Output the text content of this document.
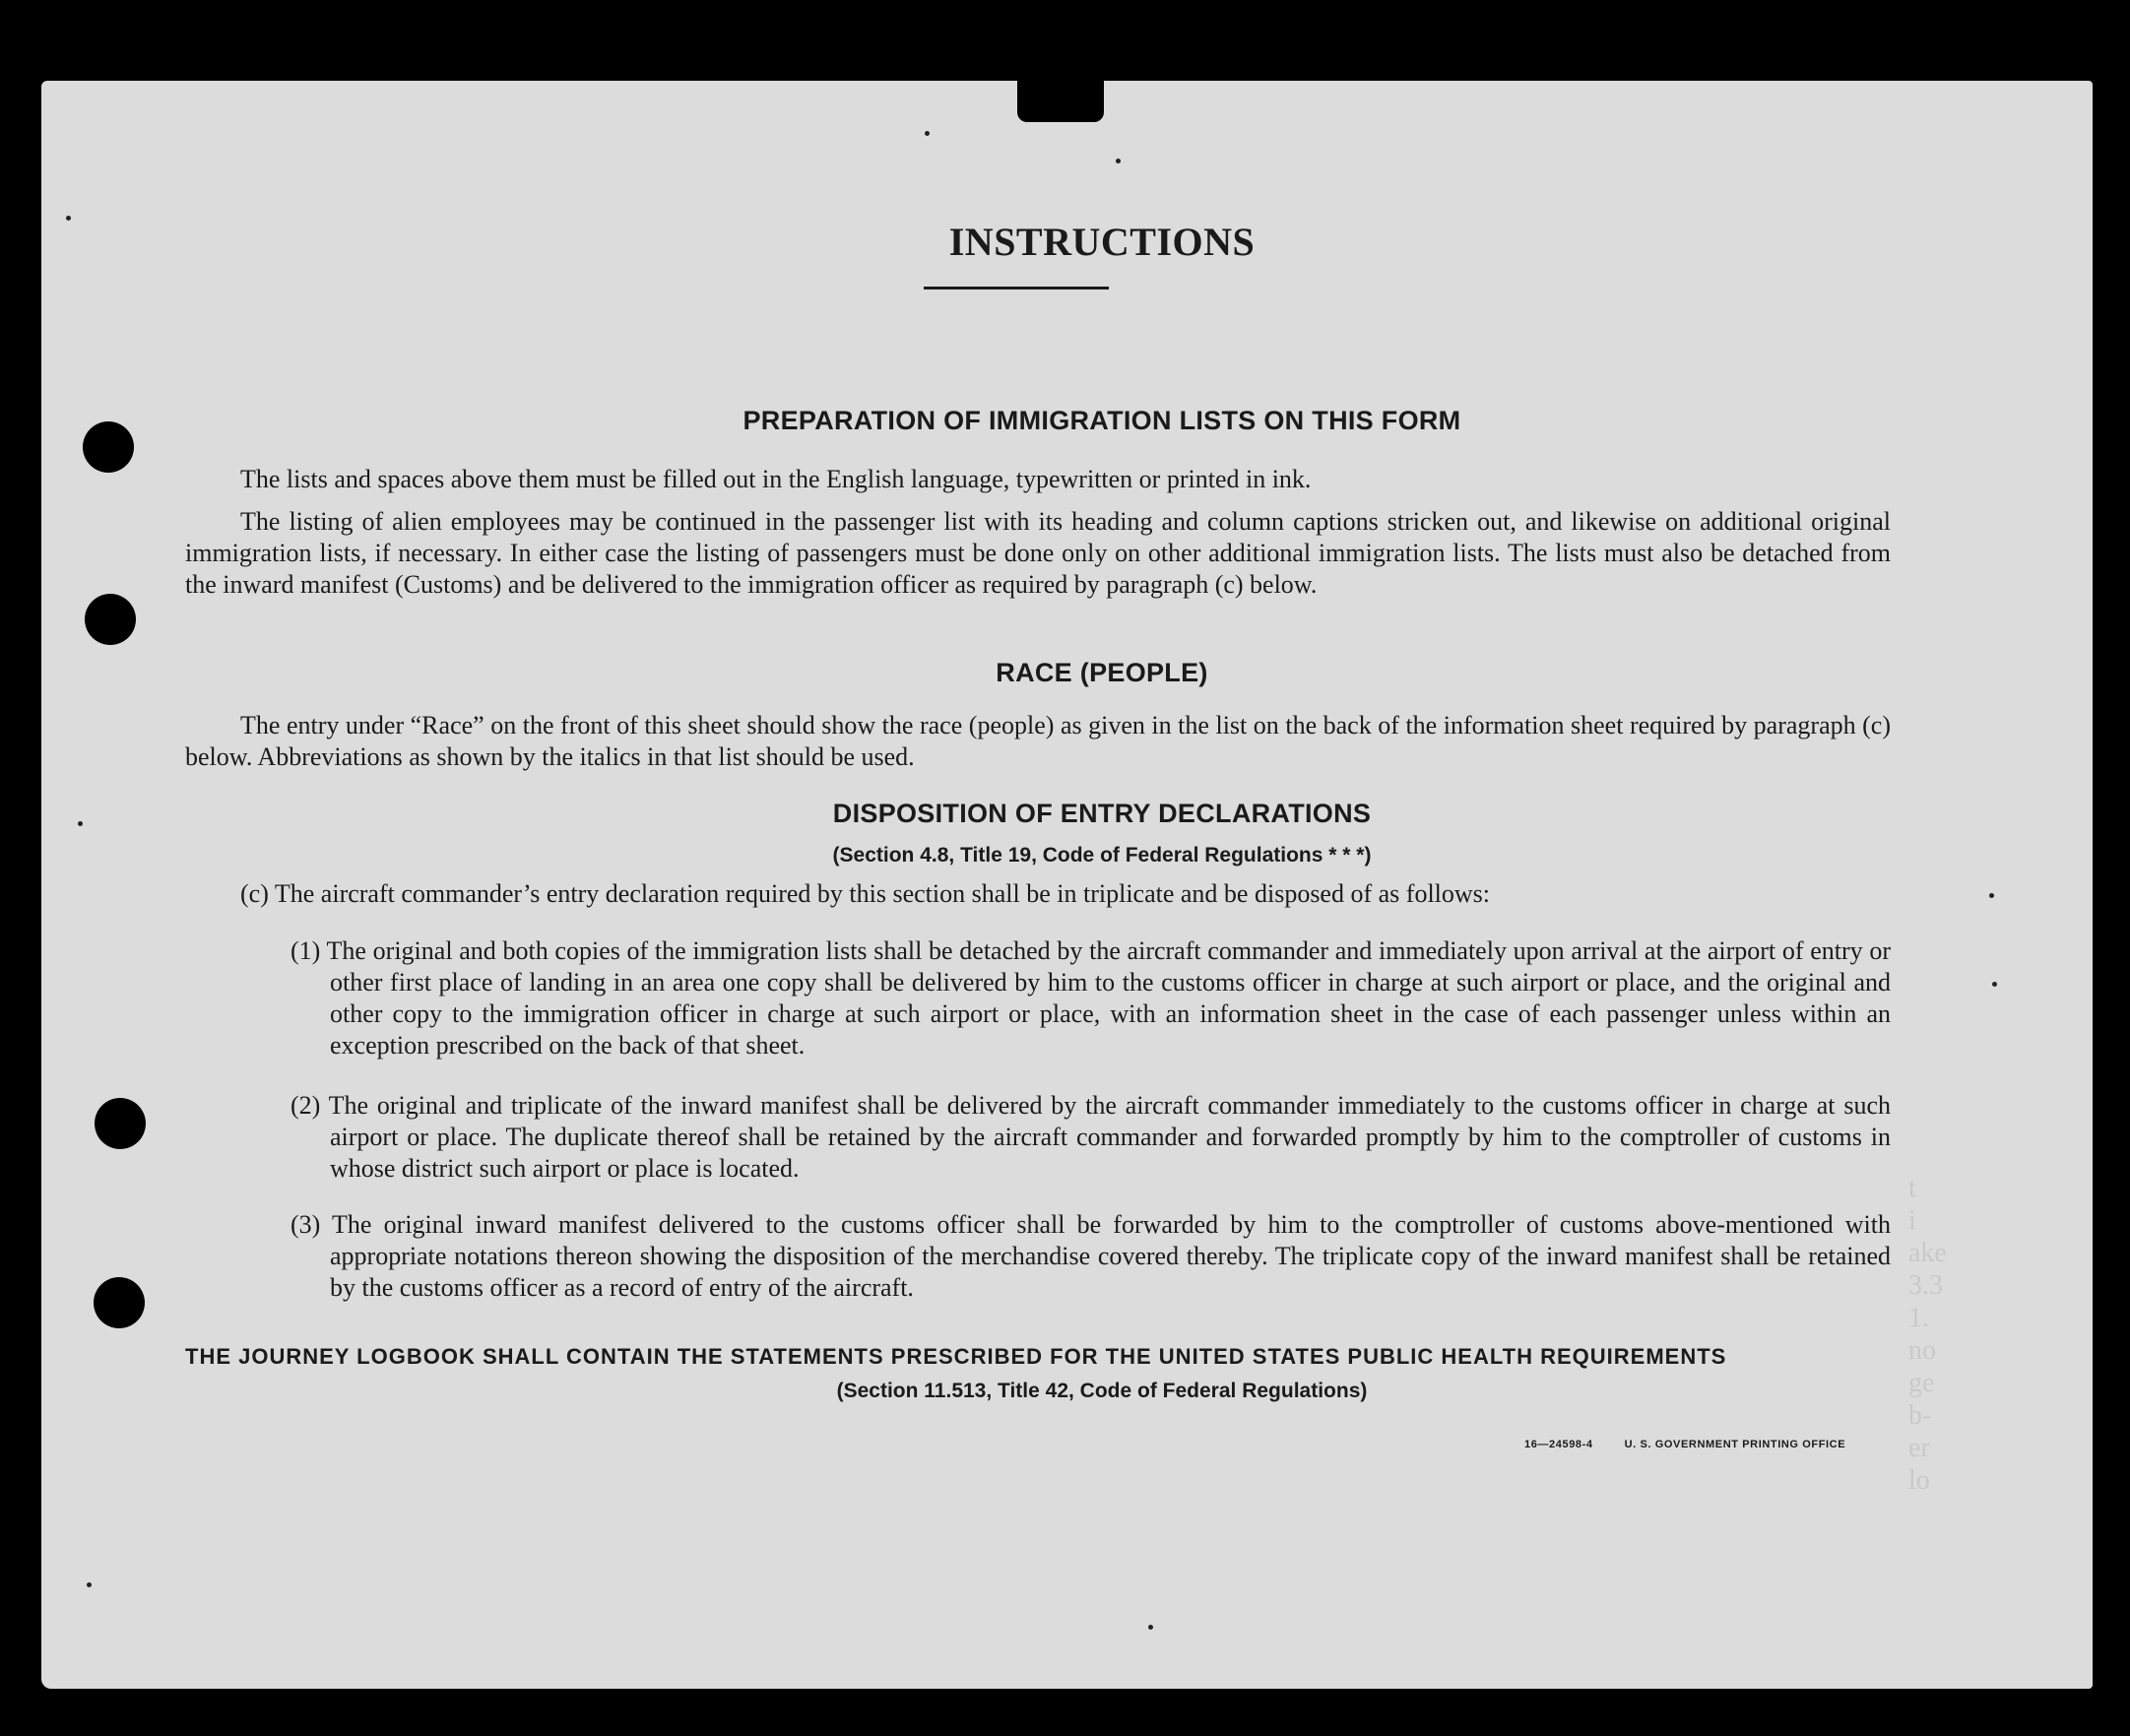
t
i
ake
3.3
1.
no
ge
b-
er
lo
INSTRUCTIONS
PREPARATION OF IMMIGRATION LISTS ON THIS FORM
The lists and spaces above them must be filled out in the English language, typewritten or printed in ink.
The listing of alien employees may be continued in the passenger list with its heading and column captions stricken out, and likewise on additional original immigration lists, if necessary. In either case the listing of passengers must be done only on other additional immigration lists. The lists must also be detached from the inward manifest (Customs) and be delivered to the immigration officer as required by paragraph (c) below.
RACE (PEOPLE)
The entry under “Race” on the front of this sheet should show the race (people) as given in the list on the back of the information sheet required by paragraph (c) below. Abbreviations as shown by the italics in that list should be used.
DISPOSITION OF ENTRY DECLARATIONS
(Section 4.8, Title 19, Code of Federal Regulations * * *)
(c) The aircraft commander’s entry declaration required by this section shall be in triplicate and be disposed of as follows:
(1) The original and both copies of the immigration lists shall be detached by the aircraft commander and immediately upon arrival at the airport of entry or other first place of landing in an area one copy shall be delivered by him to the customs officer in charge at such airport or place, and the original and other copy to the immigration officer in charge at such airport or place, with an information sheet in the case of each passenger unless within an exception prescribed on the back of that sheet.
(2) The original and triplicate of the inward manifest shall be delivered by the aircraft commander immediately to the customs officer in charge at such airport or place. The duplicate thereof shall be retained by the aircraft commander and forwarded promptly by him to the comptroller of customs in whose district such airport or place is located.
(3) The original inward manifest delivered to the customs officer shall be forwarded by him to the comptroller of customs above-mentioned with appropriate notations thereon showing the disposition of the merchandise covered thereby. The triplicate copy of the inward manifest shall be retained by the customs officer as a record of entry of the aircraft.
THE JOURNEY LOGBOOK SHALL CONTAIN THE STATEMENTS PRESCRIBED FOR THE UNITED STATES PUBLIC HEALTH REQUIREMENTS
(Section 11.513, Title 42, Code of Federal Regulations)
16—24598-4	U. S. GOVERNMENT PRINTING OFFICE
